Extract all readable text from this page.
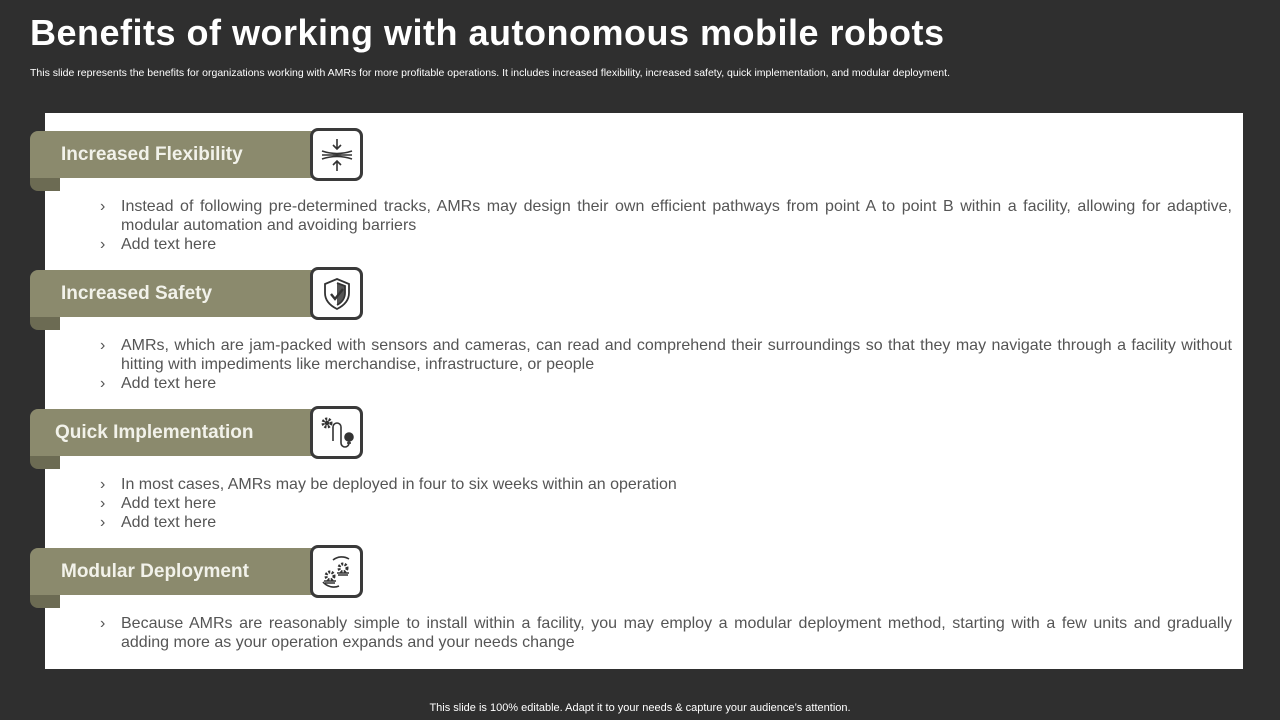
Benefits of working with autonomous mobile robots
This slide represents the benefits for organizations working with AMRs for more profitable operations. It includes increased flexibility, increased safety, quick implementation, and modular deployment.
Increased Flexibility
› Instead of following pre-determined tracks, AMRs may design their own efficient pathways from point A to point B within a facility, allowing for adaptive, modular automation and avoiding barriers
› Add text here
Increased Safety
› AMRs, which are jam-packed with sensors and cameras, can read and comprehend their surroundings so that they may navigate through a facility without hitting with impediments like merchandise, infrastructure, or people
› Add text here
Quick Implementation
› In most cases, AMRs may be deployed in four to six weeks within an operation
› Add text here
› Add text here
Modular Deployment
› Because AMRs are reasonably simple to install within a facility, you may employ a modular deployment method, starting with a few units and gradually adding more as your operation expands and your needs change
This slide is 100% editable. Adapt it to your needs & capture your audience’s attention.
